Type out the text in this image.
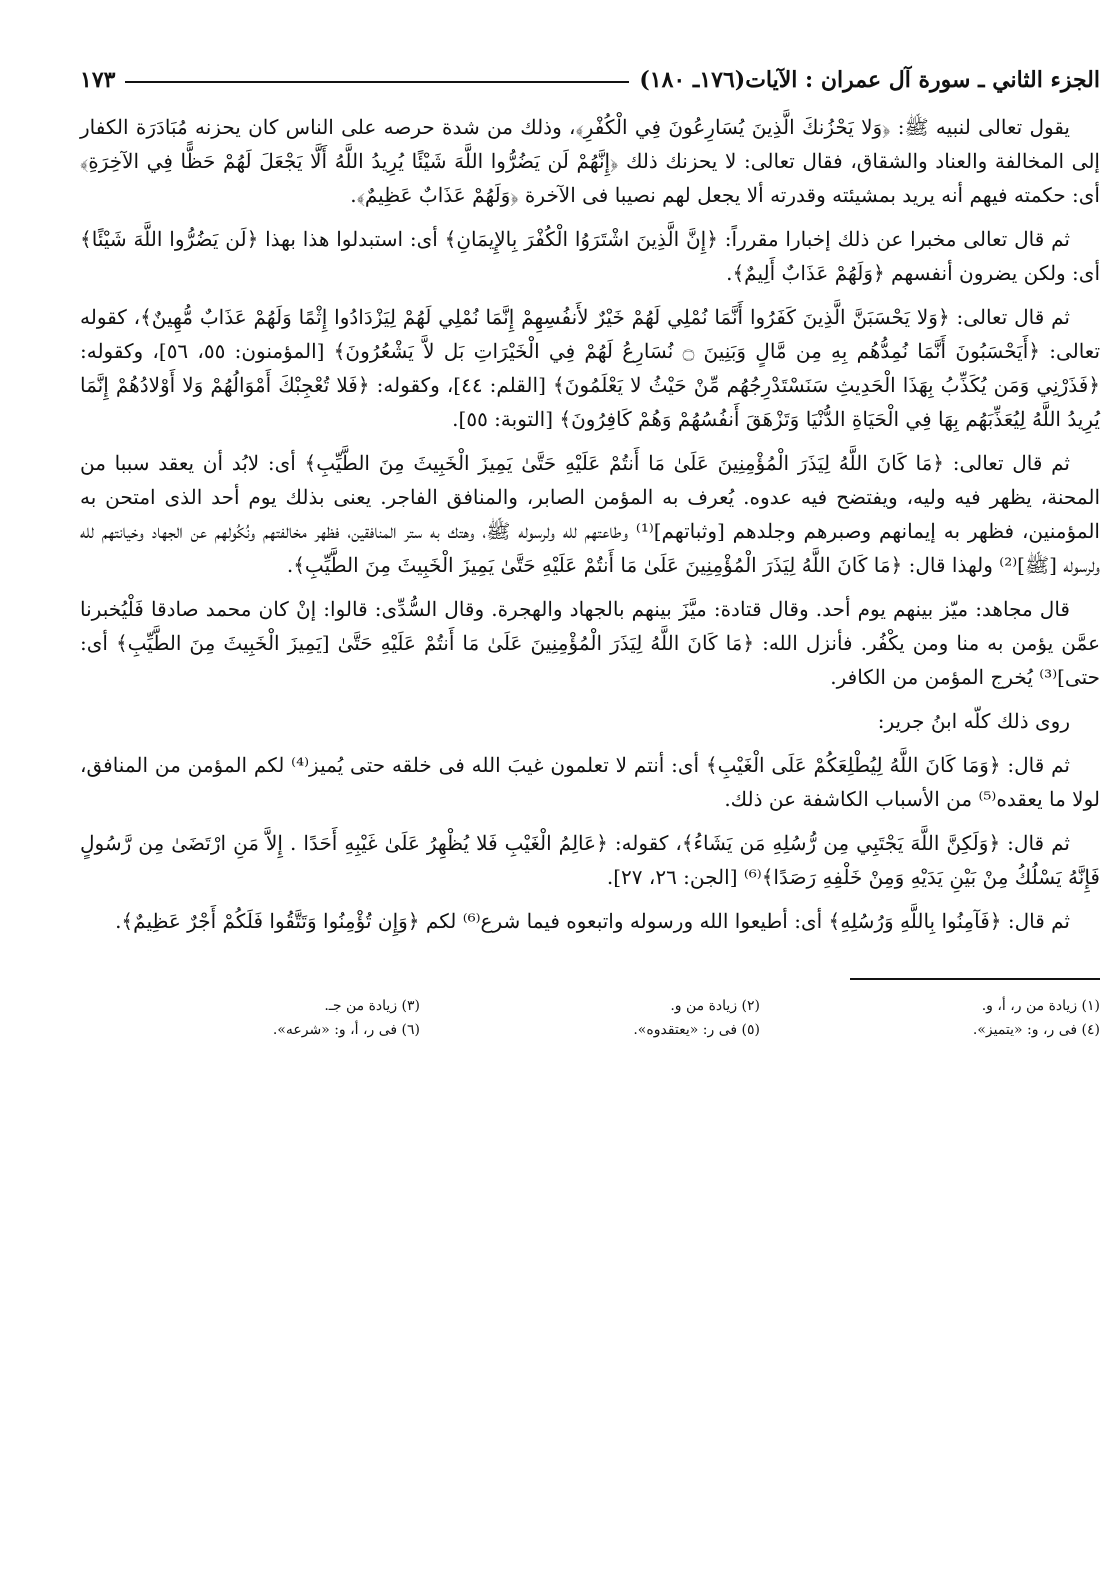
الجزء الثاني ـ سورة آل عمران : الآيات(١٧٦ـ ١٨٠)
١٧٣

يقول تعالى لنبيه ﷺ: ﴿وَلا يَحْزُنكَ الَّذِينَ يُسَارِعُونَ فِي الْكُفْرِ﴾، وذلك من شدة حرصه على الناس كان يحزنه مُبَادَرَة الكفار إلى المخالفة والعناد والشقاق، فقال تعالى: لا يحزنك ذلك ﴿إِنَّهُمْ لَن يَضُرُّوا اللَّهَ شَيْئًا يُرِيدُ اللَّهُ أَلَّا يَجْعَلَ لَهُمْ حَظًّا فِي الآخِرَةِ﴾ أى: حكمته فيهم أنه يريد بمشيئته وقدرته ألا يجعل لهم نصيبا فى الآخرة ﴿وَلَهُمْ عَذَابٌ عَظِيمٌ﴾.

ثم قال تعالى مخبرا عن ذلك إخبارا مقرراً: ﴿إِنَّ الَّذِينَ اشْتَرَوُا الْكُفْرَ بِالإِيمَانِ﴾ أى: استبدلوا هذا بهذا ﴿لَن يَضُرُّوا اللَّهَ شَيْئًا﴾ أى: ولكن يضرون أنفسهم ﴿وَلَهُمْ عَذَابٌ أَلِيمٌ﴾.

ثم قال تعالى: ﴿وَلا يَحْسَبَنَّ الَّذِينَ كَفَرُوا أَنَّمَا نُمْلِي لَهُمْ خَيْرٌ لأَنفُسِهِمْ إِنَّمَا نُمْلِي لَهُمْ لِيَزْدَادُوا إِثْمًا وَلَهُمْ عَذَابٌ مُّهِينٌ﴾، كقوله تعالى: ﴿أَيَحْسَبُونَ أَنَّمَا نُمِدُّهُم بِهِ مِن مَّالٍ وَبَنِينَ ۝ نُسَارِعُ لَهُمْ فِي الْخَيْرَاتِ بَل لاَّ يَشْعُرُونَ﴾ [المؤمنون: ٥٥، ٥٦]، وكقوله: ﴿فَذَرْنِي وَمَن يُكَذِّبُ بِهَذَا الْحَدِيثِ سَنَسْتَدْرِجُهُم مِّنْ حَيْثُ لا يَعْلَمُونَ﴾ [القلم: ٤٤]، وكقوله: ﴿فَلا تُعْجِبْكَ أَمْوَالُهُمْ وَلا أَوْلادُهُمْ إِنَّمَا يُرِيدُ اللَّهُ لِيُعَذِّبَهُم بِهَا فِي الْحَيَاةِ الدُّنْيَا وَتَزْهَقَ أَنفُسُهُمْ وَهُمْ كَافِرُونَ﴾ [التوبة: ٥٥].

ثم قال تعالى: ﴿مَا كَانَ اللَّهُ لِيَذَرَ الْمُؤْمِنِينَ عَلَىٰ مَا أَنتُمْ عَلَيْهِ حَتَّىٰ يَمِيزَ الْخَبِيثَ مِنَ الطَّيِّبِ﴾ أى: لابُد أن يعقد سببا من المحنة، يظهر فيه وليه، ويفتضح فيه عدوه. يُعرف به المؤمن الصابر، والمنافق الفاجر. يعنى بذلك يوم أحد الذى امتحن به المؤمنين، فظهر به إيمانهم وصبرهم وجلدهم [وثباتهم]⁽¹⁾ وطاعتهم لله ولرسوله ﷺ، وهتك به ستر المنافقين، فظهر مخالفتهم ونُكُولهم عن الجهاد وخيانتهم لله ولرسوله [ﷺ]⁽²⁾ ولهذا قال: ﴿مَا كَانَ اللَّهُ لِيَذَرَ الْمُؤْمِنِينَ عَلَىٰ مَا أَنتُمْ عَلَيْهِ حَتَّىٰ يَمِيزَ الْخَبِيثَ مِنَ الطَّيِّبِ﴾.

قال مجاهد: ميّز بينهم يوم أحد. وقال قتادة: ميَّزَ بينهم بالجهاد والهجرة. وقال السُّدِّى: قالوا: إنْ كان محمد صادقا فَلْيُخبرنا عمَّن يؤمن به منا ومن يكْفُر. فأنزل الله: ﴿مَا كَانَ اللَّهُ لِيَذَرَ الْمُؤْمِنِينَ عَلَىٰ مَا أَنتُمْ عَلَيْهِ حَتَّىٰ [يَمِيزَ الْخَبِيثَ مِنَ الطَّيِّبِ﴾ أى: حتى]⁽³⁾ يُخرج المؤمن من الكافر.

روى ذلك كلّه ابنُ جرير:

ثم قال: ﴿وَمَا كَانَ اللَّهُ لِيُطْلِعَكُمْ عَلَى الْغَيْبِ﴾ أى: أنتم لا تعلمون غيبَ الله فى خلقه حتى يُميز⁽⁴⁾ لكم المؤمن من المنافق، لولا ما يعقده⁽⁵⁾ من الأسباب الكاشفة عن ذلك.

ثم قال: ﴿وَلَكِنَّ اللَّهَ يَجْتَبِي مِن رُّسُلِهِ مَن يَشَاءُ﴾، كقوله: ﴿عَالِمُ الْغَيْبِ فَلا يُظْهِرُ عَلَىٰ غَيْبِهِ أَحَدًا . إِلاَّ مَنِ ارْتَضَىٰ مِن رَّسُولٍ فَإِنَّهُ يَسْلُكُ مِنْ بَيْنِ يَدَيْهِ وَمِنْ خَلْفِهِ رَصَدًا﴾⁽⁶⁾ [الجن: ٢٦، ٢٧].

ثم قال: ﴿فَآمِنُوا بِاللَّهِ وَرُسُلِهِ﴾ أى: أطيعوا الله ورسوله واتبعوه فيما شرع⁽⁶⁾ لكم ﴿وَإِن تُؤْمِنُوا وَتَتَّقُوا فَلَكُمْ أَجْرٌ عَظِيمٌ﴾.

(١) زيادة من ر، أ، و.
(٢) زيادة من و.
(٣) زيادة من جـ.
(٤) فى ر، و: «يتميز».
(٥) فى ر: «يعتقدوه».
(٦) فى ر، أ، و: «شرعه».
